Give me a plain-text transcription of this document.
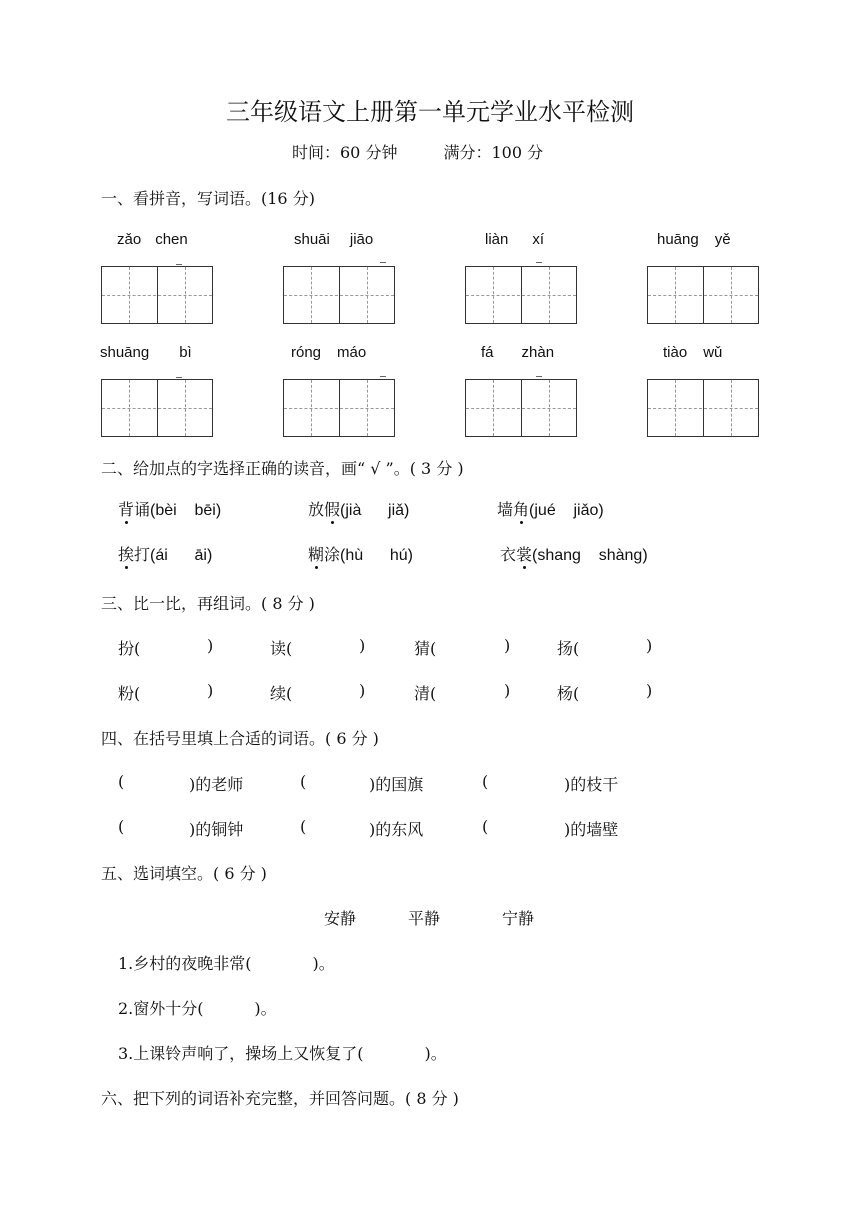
三年级语文上册第一单元学业水平检测
时间：60 分钟	满分：100 分
一、看拼音，写词语。(16 分)
zǎo chen	shuāi jiāo	liàn xí	huāng yě
shuāng bì	róng máo	fá zhàn	tiào wǔ
二、给加点的字选择正确的读音，画“ √ ”。( 3 分 )
背诵(bèi    bēi)	放假(jià      jiǎ)	墙角(jué    jiǎo)
挨打(ái      āi)	糊涂(hù      hú)	衣裳(shang    shàng)
三、比一比，再组词。( 8 分 )
扮(	)	读(	)	猜(	)	扬(	)
粉(	)	续(	)	清(	)	杨(	)
四、在括号里填上合适的词语。( 6 分 )
(	)的老师	(	)的国旗	(	)的枝干
(	)的铜钟	(	)的东风	(	)的墙壁
五、选词填空。( 6 分 )
安静	平静	宁静
1.乡村的夜晚非常(            )。
2.窗外十分(          )。
3.上课铃声响了，操场上又恢复了(            )。
六、把下列的词语补充完整，并回答问题。( 8 分 )
